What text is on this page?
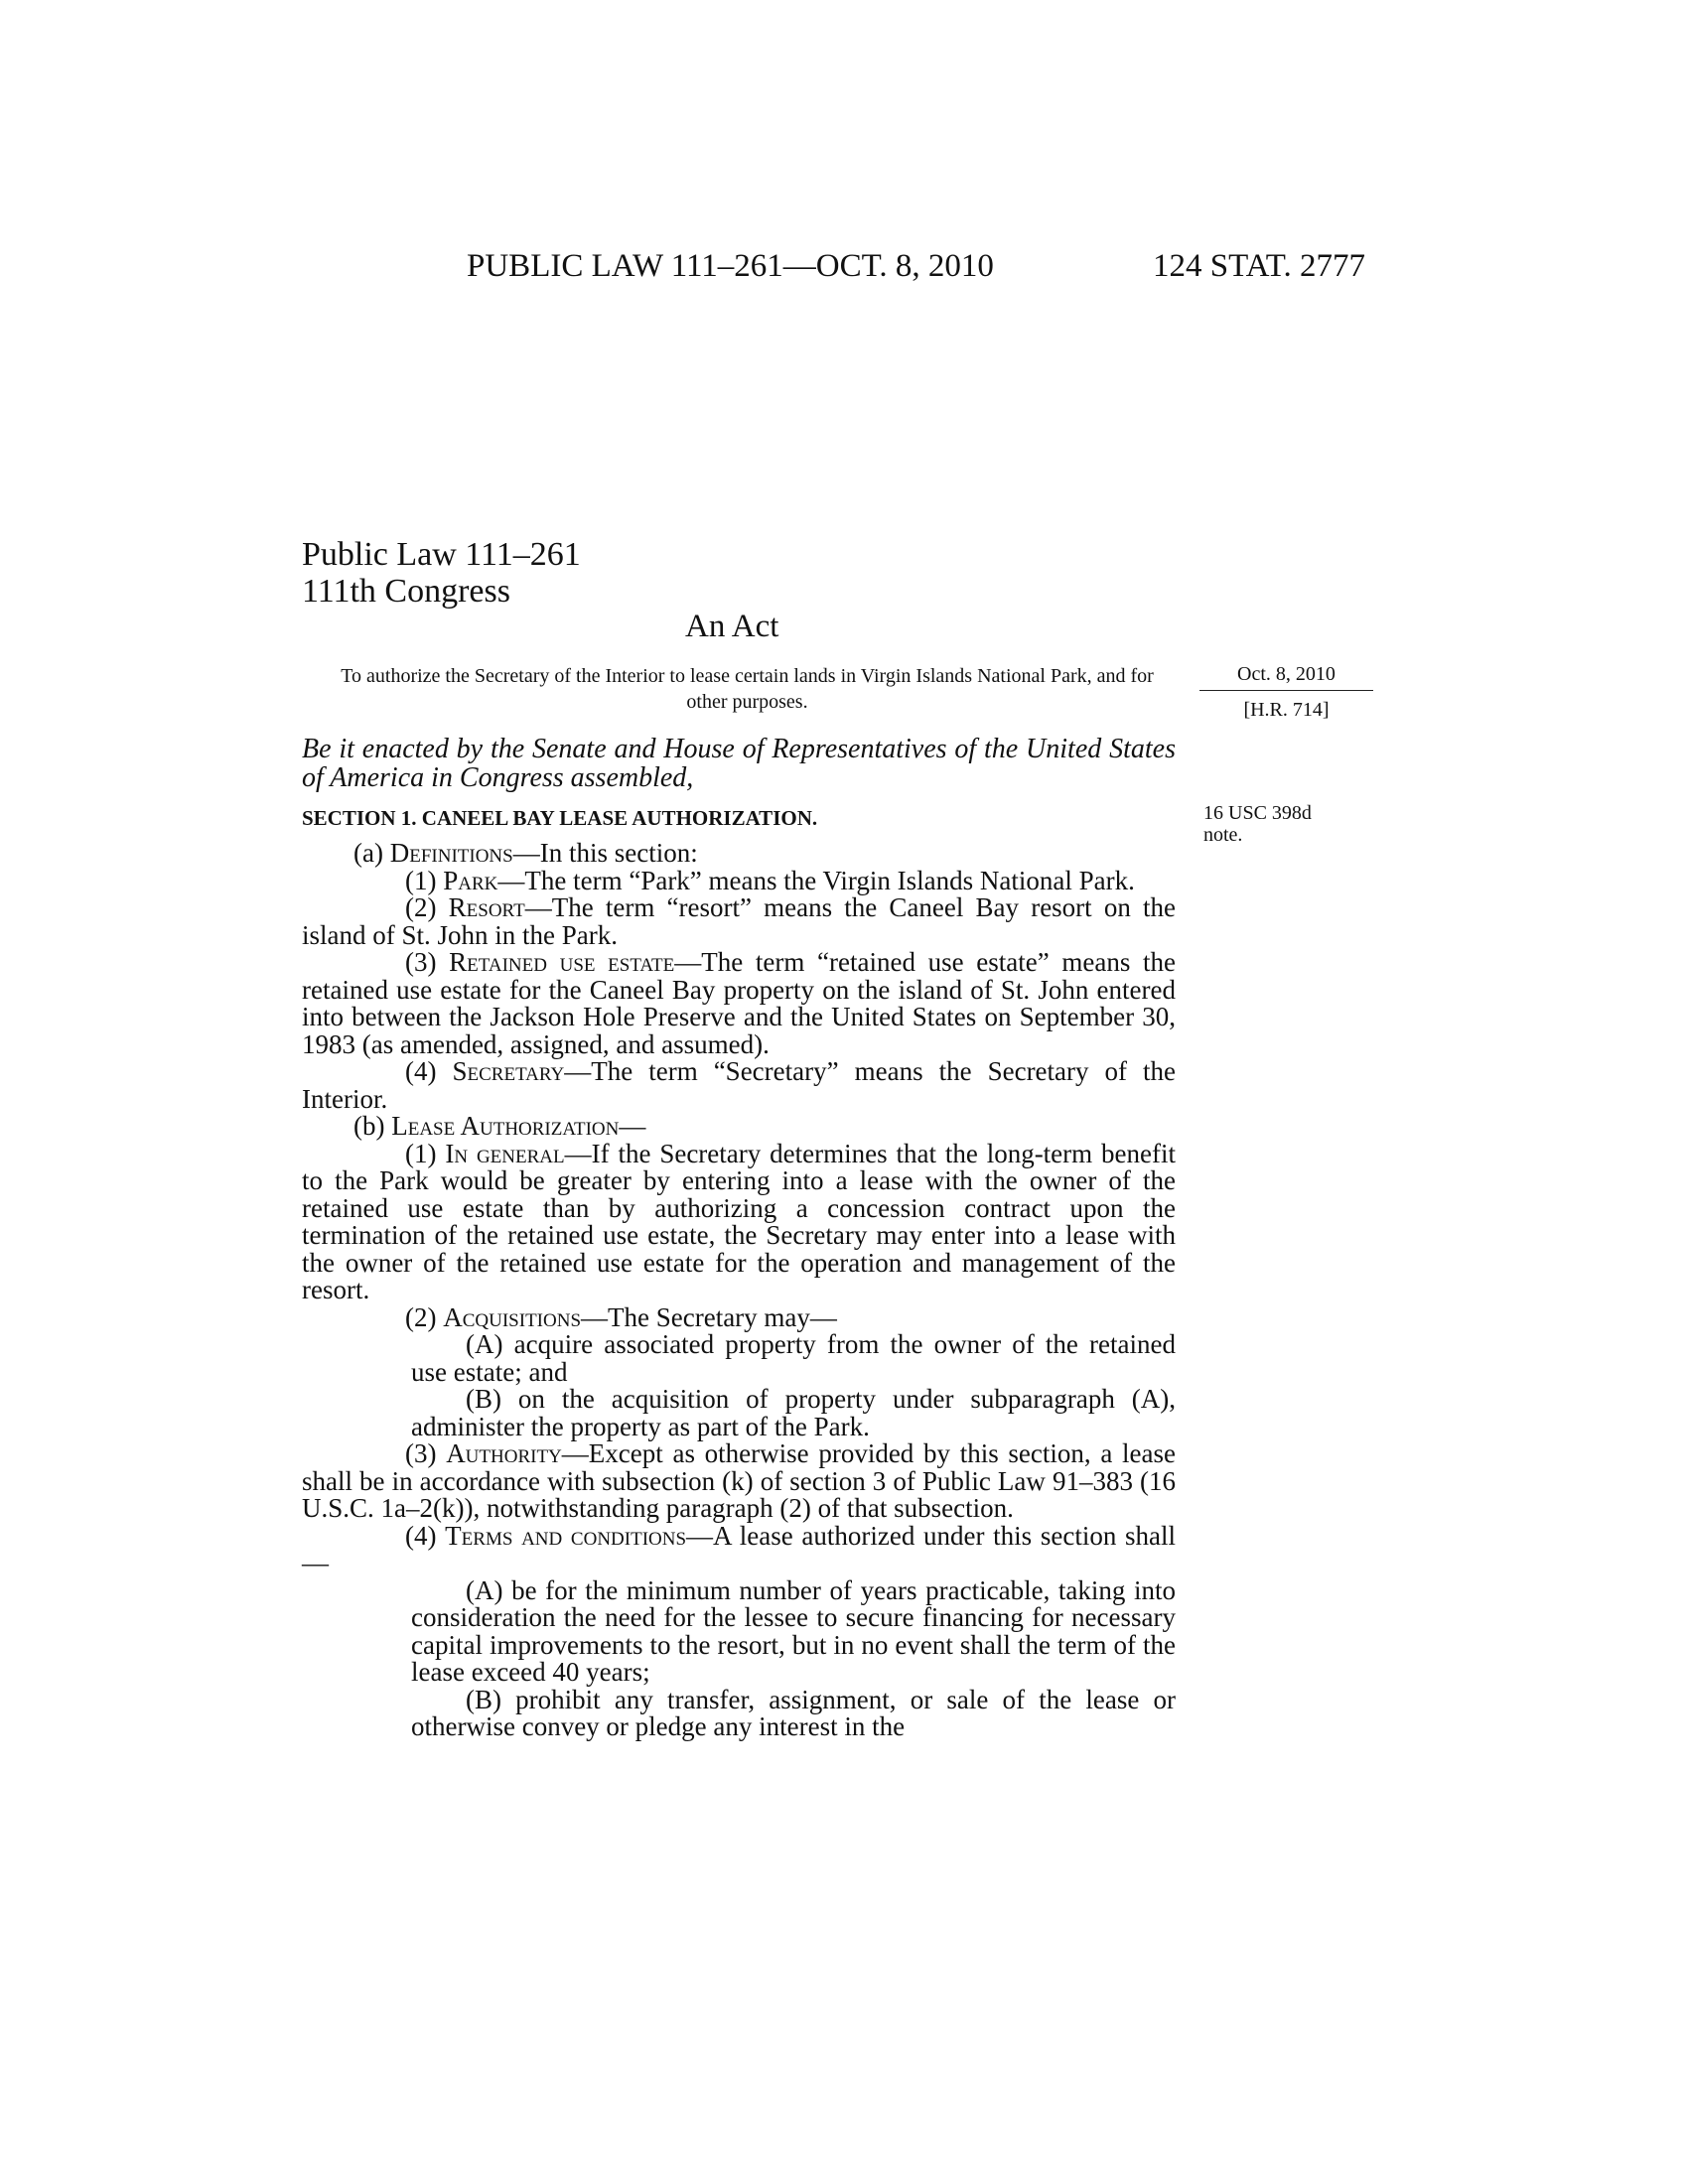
PUBLIC LAW 111–261—OCT. 8, 2010	124 STAT. 2777
Public Law 111–261
111th Congress
An Act
To authorize the Secretary of the Interior to lease certain lands in Virgin Islands National Park, and for other purposes.
Oct. 8, 2010
[H.R. 714]
16 USC 398d
note.
Be it enacted by the Senate and House of Representatives of the United States of America in Congress assembled,
SECTION 1. CANEEL BAY LEASE AUTHORIZATION.

(a) Definitions—In this section:

(1) Park—The term “Park” means the Virgin Islands National Park.

(2) Resort—The term “resort” means the Caneel Bay resort on the island of St. John in the Park.

(3) Retained use estate—The term “retained use estate” means the retained use estate for the Caneel Bay property on the island of St. John entered into between the Jackson Hole Preserve and the United States on September 30, 1983 (as amended, assigned, and assumed).

(4) Secretary—The term “Secretary” means the Secretary of the Interior.

(b) Lease Authorization—

(1) In general—If the Secretary determines that the long-term benefit to the Park would be greater by entering into a lease with the owner of the retained use estate than by authorizing a concession contract upon the termination of the retained use estate, the Secretary may enter into a lease with the owner of the retained use estate for the operation and management of the resort.

(2) Acquisitions—The Secretary may—

(A) acquire associated property from the owner of the retained use estate; and

(B) on the acquisition of property under subparagraph (A), administer the property as part of the Park.

(3) Authority—Except as otherwise provided by this section, a lease shall be in accordance with subsection (k) of section 3 of Public Law 91–383 (16 U.S.C. 1a–2(k)), notwithstanding paragraph (2) of that subsection.

(4) Terms and conditions—A lease authorized under this section shall—

(A) be for the minimum number of years practicable, taking into consideration the need for the lessee to secure financing for necessary capital improvements to the resort, but in no event shall the term of the lease exceed 40 years;

(B) prohibit any transfer, assignment, or sale of the lease or otherwise convey or pledge any interest in the
